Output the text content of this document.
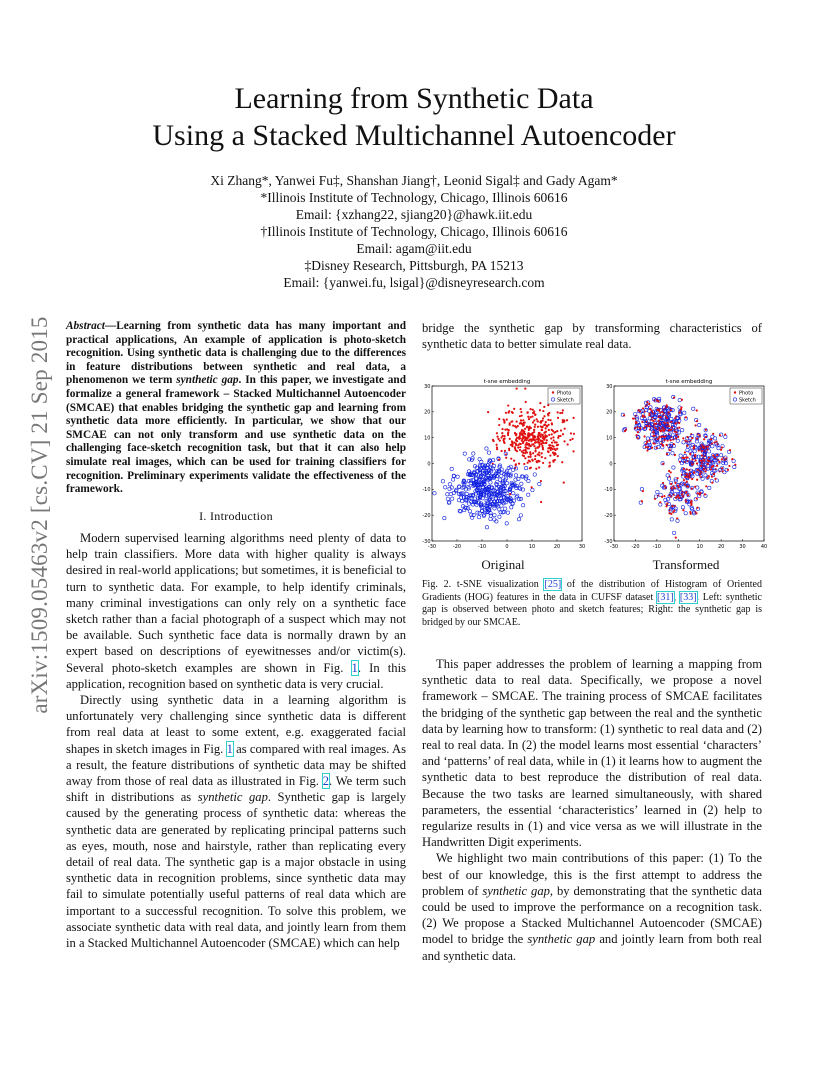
Learning from Synthetic Data
Using a Stacked Multichannel Autoencoder
Xi Zhang*, Yanwei Fu‡, Shanshan Jiang†, Leonid Sigal‡ and Gady Agam*
*Illinois Institute of Technology, Chicago, Illinois 60616
Email: {xzhang22, sjiang20}@hawk.iit.edu
†Illinois Institute of Technology, Chicago, Illinois 60616
Email: agam@iit.edu
‡Disney Research, Pittsburgh, PA 15213
Email: {yanwei.fu, lsigal}@disneyresearch.com
arXiv:1509.05463v2 [cs.CV] 21 Sep 2015 Abstract—Learning from synthetic data has many important and practical applications, An example of application is photo-sketch recognition. Using synthetic data is challenging due to the differences in feature distributions between synthetic and real data, a phenomenon we term synthetic gap. In this paper, we investigate and formalize a general framework – Stacked Multichannel Autoencoder (SMCAE) that enables bridging the synthetic gap and learning from synthetic data more efficiently. In particular, we show that our SMCAE can not only transform and use synthetic data on the challenging face-sketch recognition task, but that it can also help simulate real images, which can be used for training classifiers for recognition. Preliminary experiments validate the effectiveness of the framework.
I. Introduction

Modern supervised learning algorithms need plenty of data to help train classifiers. More data with higher quality is always desired in real-world applications; but sometimes, it is beneficial to turn to synthetic data. For example, to help identify criminals, many criminal investigations can only rely on a synthetic face sketch rather than a facial photograph of a suspect which may not be available. Such synthetic face data is normally drawn by an expert based on descriptions of eyewitnesses and/or victim(s). Several photo-sketch examples are shown in Fig. 1. In this application, recognition based on synthetic data is very crucial.

Directly using synthetic data in a learning algorithm is unfortunately very challenging since synthetic data is different from real data at least to some extent, e.g. exaggerated facial shapes in sketch images in Fig. 1 as compared with real images. As a result, the feature distributions of synthetic data may be shifted away from those of real data as illustrated in Fig. 2. We term such shift in distributions as synthetic gap. Synthetic gap is largely caused by the generating process of synthetic data: whereas the synthetic data are generated by replicating principal patterns such as eyes, mouth, nose and hairstyle, rather than replicating every detail of real data. The synthetic gap is a major obstacle in using synthetic data in recognition problems, since synthetic data may fail to simulate potentially useful patterns of real data which are important to a successful recognition. To solve this problem, we associate synthetic data with real data, and jointly learn from them in a Stacked Multichannel Autoencoder (SMCAE) which can help

bridge the synthetic gap by transforming characteristics of synthetic data to better simulate real data.

t-sne embedding
-30	-20	-10	0	10	20	30
-30
-20
-10
0
10
20
30
Photo
Sketch
t-sne embedding
-30	-20	-10	0	10	20	30	40
-30
-20
-10
0
10
20
30
Photo
Sketch
Original	Transformed
Fig. 2. t-SNE visualization [25] of the distribution of Histogram of Oriented Gradients (HOG) features in the data in CUFSF dataset [31], [33]. Left: synthetic gap is observed between photo and sketch features; Right: the synthetic gap is bridged by our SMCAE.

This paper addresses the problem of learning a mapping from synthetic data to real data. Specifically, we propose a novel framework – SMCAE. The training process of SMCAE facilitates the bridging of the synthetic gap between the real and the synthetic data by learning how to transform: (1) synthetic to real data and (2) real to real data. In (2) the model learns most essential ‘characters’ and ‘patterns’ of real data, while in (1) it learns how to augment the synthetic data to best reproduce the distribution of real data. Because the two tasks are learned simultaneously, with shared parameters, the essential ‘characteristics’ learned in (2) help to regularize results in (1) and vice versa as we will illustrate in the Handwritten Digit experiments.

We highlight two main contributions of this paper: (1) To the best of our knowledge, this is the first attempt to address the problem of synthetic gap, by demonstrating that the synthetic data could be used to improve the performance on a recognition task. (2) We propose a Stacked Multichannel Autoencoder (SMCAE) model to bridge the synthetic gap and jointly learn from both real and synthetic data.
